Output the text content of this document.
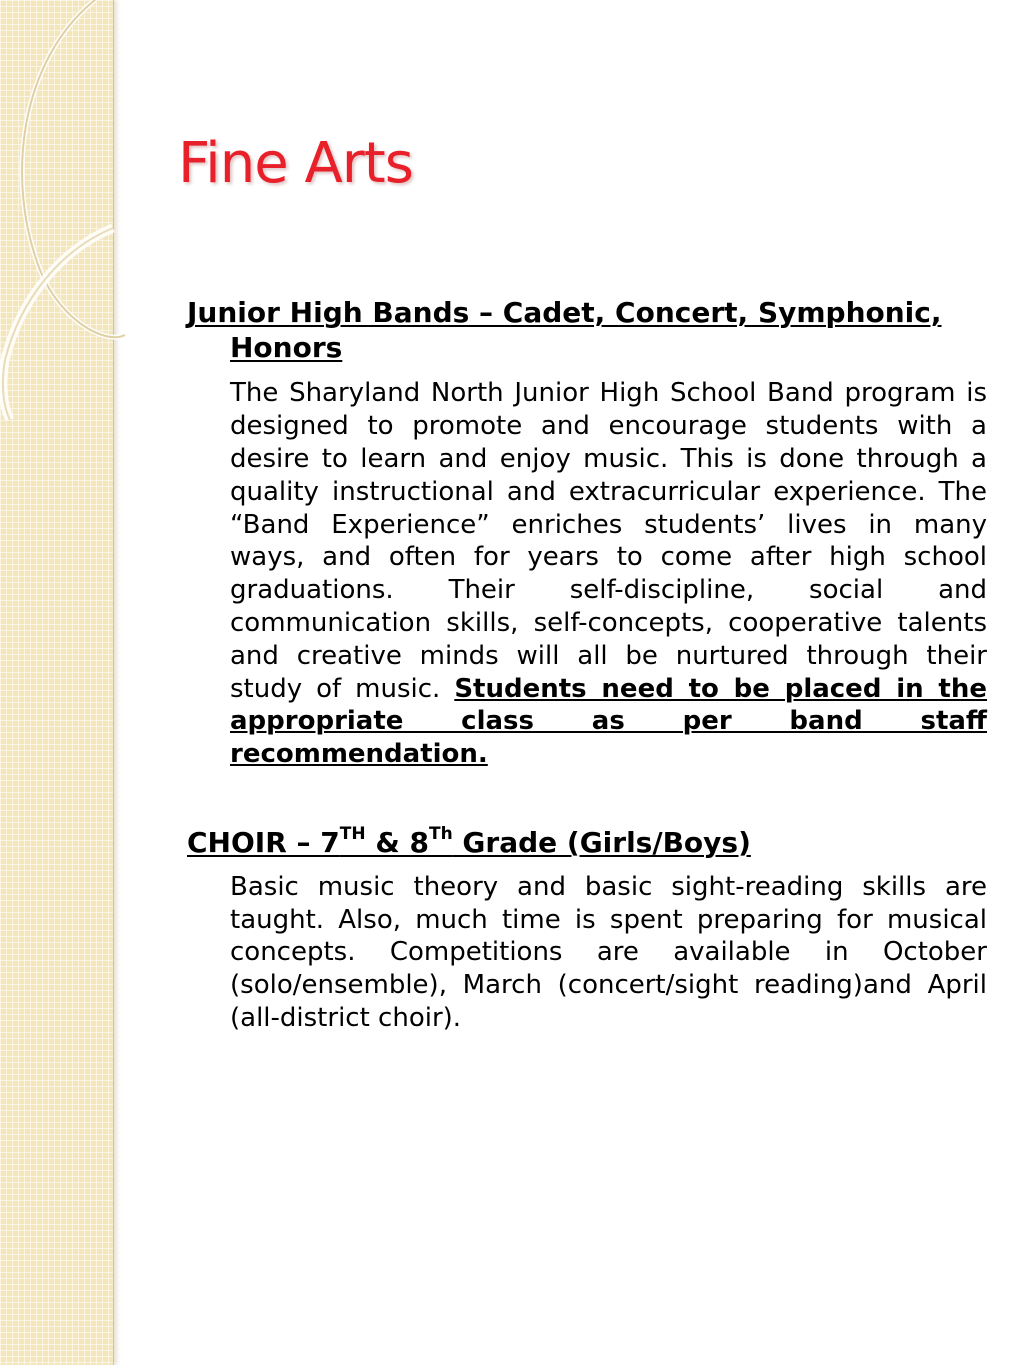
Fine Arts

Junior High Bands – Cadet, Concert, Symphonic, Honors

The Sharyland North Junior High School Band program is designed to promote and encourage students with a desire to learn and enjoy music. This is done through a quality instructional and extracurricular experience. The “Band Experience” enriches students’ lives in many ways, and often for years to come after high school graduations. Their self-discipline, social and communication skills, self-concepts, cooperative talents and creative minds will all be nurtured through their study of music. Students need to be placed in the appropriate class as per band staff recommendation.

CHOIR – 7TH & 8Th Grade (Girls/Boys)

Basic music theory and basic sight-reading skills are taught. Also, much time is spent preparing for musical concepts. Competitions are available in October (solo/ensemble), March (concert/sight reading)and April (all-district choir).
